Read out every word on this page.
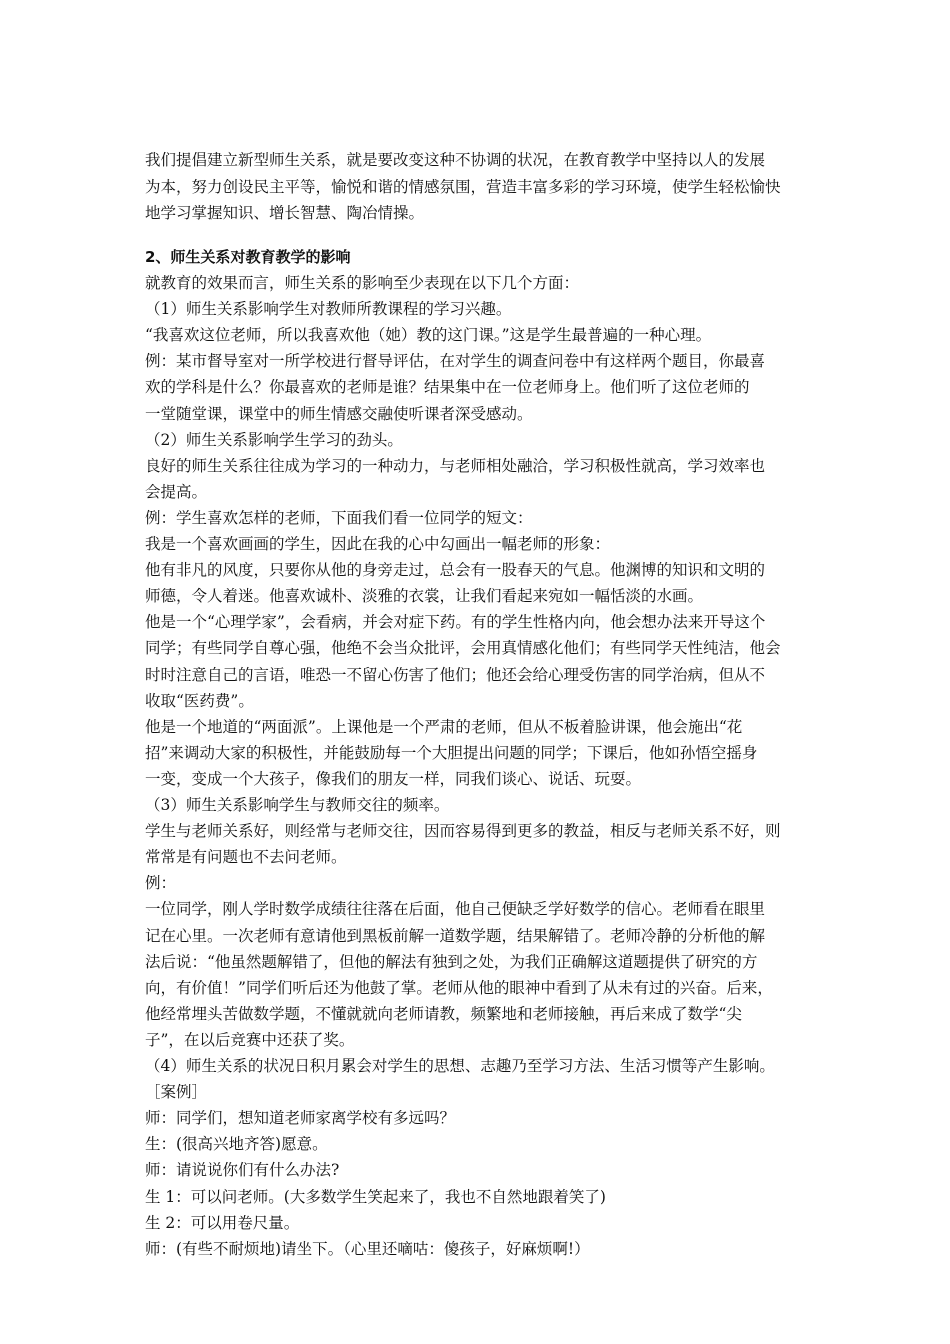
我们提倡建立新型师生关系，就是要改变这种不协调的状况，在教育教学中坚持以人的发展
为本，努力创设民主平等，愉悦和谐的情感氛围，营造丰富多彩的学习环境，使学生轻松愉快
地学习掌握知识、增长智慧、陶冶情操。
2、师生关系对教育教学的影响
就教育的效果而言，师生关系的影响至少表现在以下几个方面：
（1）师生关系影响学生对教师所教课程的学习兴趣。
“我喜欢这位老师，所以我喜欢他（她）教的这门课。”这是学生最普遍的一种心理。
例：某市督导室对一所学校进行督导评估，在对学生的调查问卷中有这样两个题目，你最喜
欢的学科是什么？你最喜欢的老师是谁？结果集中在一位老师身上。他们听了这位老师的
一堂随堂课，课堂中的师生情感交融使听课者深受感动。
（2）师生关系影响学生学习的劲头。
良好的师生关系往往成为学习的一种动力，与老师相处融洽，学习积极性就高，学习效率也
会提高。
例：学生喜欢怎样的老师，下面我们看一位同学的短文：
我是一个喜欢画画的学生，因此在我的心中勾画出一幅老师的形象：
他有非凡的风度，只要你从他的身旁走过，总会有一股春天的气息。他渊博的知识和文明的
师德，令人着迷。他喜欢诚朴、淡雅的衣裳，让我们看起来宛如一幅恬淡的水画。
他是一个“心理学家”，会看病，并会对症下药。有的学生性格内向，他会想办法来开导这个
同学；有些同学自尊心强，他绝不会当众批评，会用真情感化他们；有些同学天性纯洁，他会
时时注意自己的言语，唯恐一不留心伤害了他们；他还会给心理受伤害的同学治病，但从不
收取“医药费”。
他是一个地道的“两面派”。上课他是一个严肃的老师，但从不板着脸讲课，他会施出“花
招”来调动大家的积极性，并能鼓励每一个大胆提出问题的同学；下课后，他如孙悟空摇身
一变，变成一个大孩子，像我们的朋友一样，同我们谈心、说话、玩耍。
（3）师生关系影响学生与教师交往的频率。
学生与老师关系好，则经常与老师交往，因而容易得到更多的教益，相反与老师关系不好，则
常常是有问题也不去问老师。
例：
一位同学，刚人学时数学成绩往往落在后面，他自己便缺乏学好数学的信心。老师看在眼里
记在心里。一次老师有意请他到黑板前解一道数学题，结果解错了。老师冷静的分析他的解
法后说：“他虽然题解错了，但他的解法有独到之处，为我们正确解这道题提供了研究的方
向，有价值！”同学们听后还为他鼓了掌。老师从他的眼神中看到了从未有过的兴奋。后来，
他经常埋头苦做数学题，不懂就就向老师请教，频繁地和老师接触，再后来成了数学“尖
子”，在以后竞赛中还获了奖。
（4）师生关系的状况日积月累会对学生的思想、志趣乃至学习方法、生活习惯等产生影响。
［案例］
师：同学们，想知道老师家离学校有多远吗？
生：(很高兴地齐答)愿意。
师：请说说你们有什么办法?
生 1：可以问老师。(大多数学生笑起来了，我也不自然地跟着笑了)
生 2：可以用卷尺量。
师：(有些不耐烦地)请坐下。（心里还嘀咕：傻孩子，好麻烦啊!）
